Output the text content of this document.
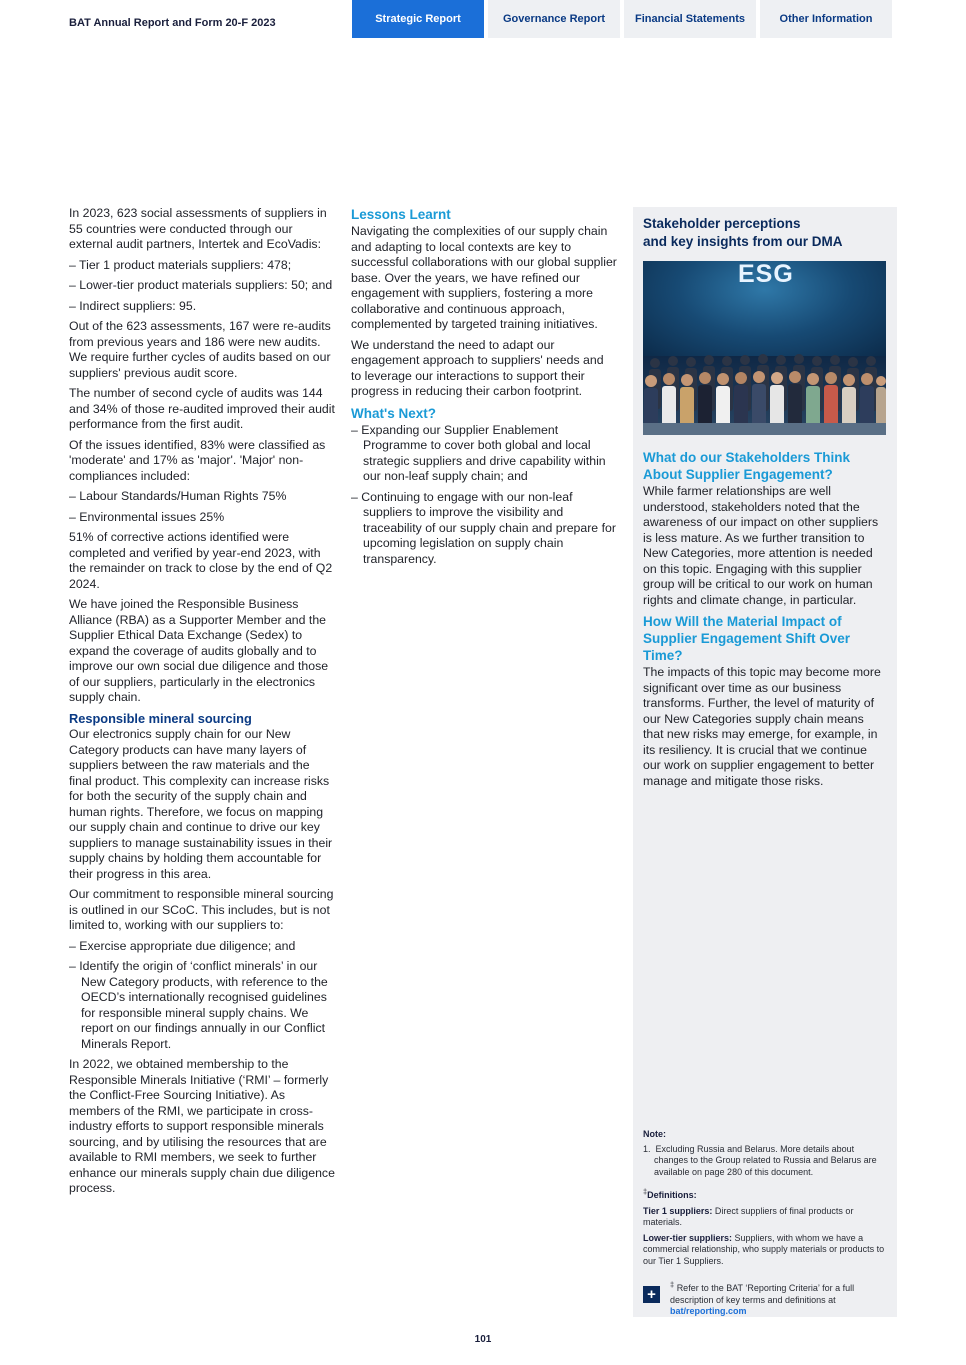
BAT Annual Report and Form 20-F 2023	Strategic Report	Governance Report	Financial Statements	Other Information

In 2023, 623 social assessments of suppliers in 55 countries were conducted through our external audit partners, Intertek and EcoVadis:

– Tier 1 product materials suppliers: 478;
– Lower-tier product materials suppliers: 50; and
– Indirect suppliers: 95.

Out of the 623 assessments, 167 were re-audits from previous years and 186 were new audits. We require further cycles of audits based on our suppliers' previous audit score.

The number of second cycle of audits was 144 and 34% of those re-audited improved their audit performance from the first audit.

Of the issues identified, 83% were classified as 'moderate' and 17% as 'major'. 'Major' non-compliances included:

– Labour Standards/Human Rights 75%
– Environmental issues 25%

51% of corrective actions identified were completed and verified by year-end 2023, with the remainder on track to close by the end of Q2 2024.

We have joined the Responsible Business Alliance (RBA) as a Supporter Member and the Supplier Ethical Data Exchange (Sedex) to expand the coverage of audits globally and to improve our own social due diligence and those of our suppliers, particularly in the electronics supply chain.

Responsible mineral sourcing

Our electronics supply chain for our New Category products can have many layers of suppliers between the raw materials and the final product. This complexity can increase risks for both the security of the supply chain and human rights. Therefore, we focus on mapping our supply chain and continue to drive our key suppliers to manage sustainability issues in their supply chains by holding them accountable for their progress in this area.

Our commitment to responsible mineral sourcing is outlined in our SCoC. This includes, but is not limited to, working with our suppliers to:

– Exercise appropriate due diligence; and
– Identify the origin of ‘conflict minerals’ in our New Category products, with reference to the OECD’s internationally recognised guidelines for responsible mineral supply chains. We report on our findings annually in our Conflict Minerals Report.

In 2022, we obtained membership to the Responsible Minerals Initiative (‘RMI’ – formerly the Conflict-Free Sourcing Initiative). As members of the RMI, we participate in cross-industry efforts to support responsible minerals sourcing, and by utilising the resources that are available to RMI members, we seek to further enhance our minerals supply chain due diligence process.

Lessons Learnt

Navigating the complexities of our supply chain and adapting to local contexts are key to successful collaborations with our global supplier base. Over the years, we have refined our engagement with suppliers, fostering a more collaborative and continuous approach, complemented by targeted training initiatives.

We understand the need to adapt our engagement approach to suppliers' needs and to leverage our interactions to support their progress in reducing their carbon footprint.

What's Next?
– Expanding our Supplier Enablement Programme to cover both global and local strategic suppliers and drive capability within our non-leaf supply chain; and
– Continuing to engage with our non-leaf suppliers to improve the visibility and traceability of our supply chain and prepare for upcoming legislation on supply chain transparency.
Stakeholder perceptions
and key insights from our DMA
ESG
What do our Stakeholders Think About Supplier Engagement?

While farmer relationships are well understood, stakeholders noted that the awareness of our impact on other suppliers is less mature. As we further transition to New Categories, more attention is needed on this topic. Engaging with this supplier group will be critical to our work on human rights and climate change, in particular.

How Will the Material Impact of Supplier Engagement Shift Over Time?

The impacts of this topic may become more significant over time as our business transforms. Further, the level of maturity of our New Categories supply chain means that new risks may emerge, for example, in its resiliency. It is crucial that we continue our work on supplier engagement to better manage and mitigate those risks.

Note:

1. Excluding Russia and Belarus. More details about changes to the Group related to Russia and Belarus are available on page 280 of this document.

‡Definitions:

Tier 1 suppliers: Direct suppliers of final products or materials.

Lower-tier suppliers: Suppliers, with whom we have a commercial relationship, who supply materials or products to our Tier 1 Suppliers.

+
‡ Refer to the BAT ‘Reporting Criteria’ for a full description of key terms and definitions at bat/reporting.com
101
